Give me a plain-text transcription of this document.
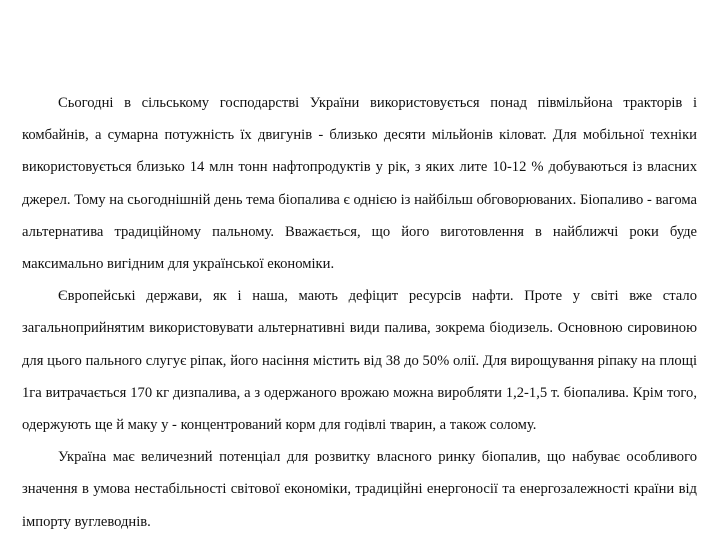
Сьогодні в сільському господарстві України використовується понад півмільйона тракторів і комбайнів, а сумарна потужність їх двигунів - близько десяти мільйонів кіловат. Для мобільної техніки використовується близько 14 млн тонн нафтопродуктів у рік, з яких лите 10-12 % добуваються із власних джерел. Тому на сьогоднішній день тема біопалива є однією із найбільш обговорюваних. Біопаливо - вагома альтернатива традиційному пальному. Вважається, що його виготовлення в найближчі роки буде максимально вигідним для української економіки.

Європейські держави, як і наша, мають дефіцит ресурсів нафти. Проте у світі вже стало загальноприйнятим використовувати альтернативні види палива, зокрема біодизель. Основною сировиною для цього пального слугує ріпак, його насіння містить від 38 до 50% олії. Для вирощування ріпаку на площі 1га витрачається 170 кг дизпалива, а з одержаного врожаю можна виробляти 1,2-1,5 т. біопалива. Крім того, одержують ще й маку у - концентрований корм для годівлі тварин, а також солому.

Україна має величезний потенціал для розвитку власного ринку біопалив, що набуває особливого значення в умова нестабільності світової економіки, традиційні енергоносії та енергозалежності країни від імпорту вуглеводнів.
